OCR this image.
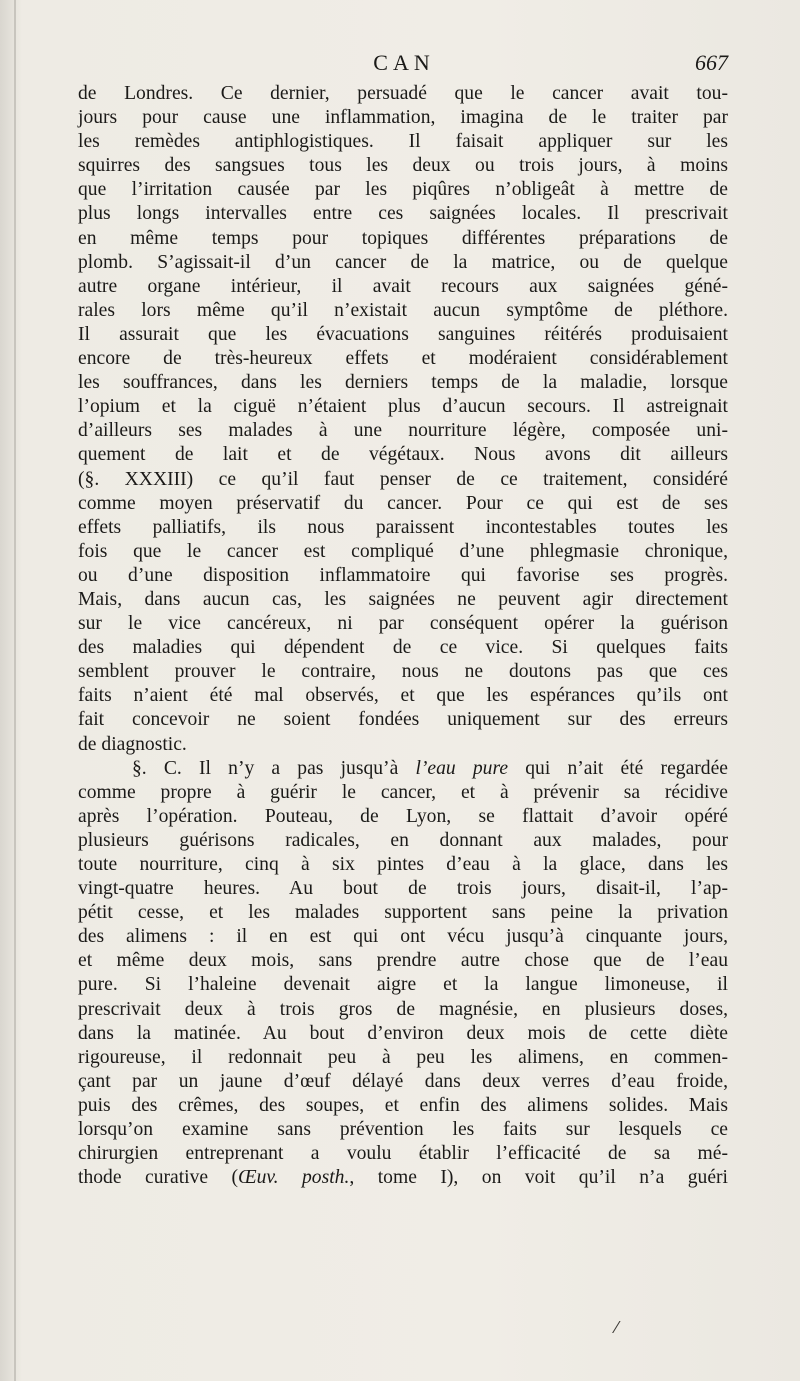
CAN	667
de Londres. Ce dernier, persuadé que le cancer avait tou-
jours pour cause une inflammation, imagina de le traiter par
les remèdes antiphlogistiques. Il faisait appliquer sur les
squirres des sangsues tous les deux ou trois jours, à moins
que l’irritation causée par les piqûres n’obligeât à mettre de
plus longs intervalles entre ces saignées locales. Il prescrivait
en même temps pour topiques différentes préparations de
plomb. S’agissait-il d’un cancer de la matrice, ou de quelque
autre organe intérieur, il avait recours aux saignées géné-
rales lors même qu’il n’existait aucun symptôme de pléthore.
Il assurait que les évacuations sanguines réitérés produisaient
encore de très-heureux effets et modéraient considérablement
les souffrances, dans les derniers temps de la maladie, lorsque
l’opium et la ciguë n’étaient plus d’aucun secours. Il astreignait
d’ailleurs ses malades à une nourriture légère, composée uni-
quement de lait et de végétaux. Nous avons dit ailleurs
(§. XXXIII) ce qu’il faut penser de ce traitement, considéré
comme moyen préservatif du cancer. Pour ce qui est de ses
effets palliatifs, ils nous paraissent incontestables toutes les
fois que le cancer est compliqué d’une phlegmasie chronique,
ou d’une disposition inflammatoire qui favorise ses progrès.
Mais, dans aucun cas, les saignées ne peuvent agir directement
sur le vice cancéreux, ni par conséquent opérer la guérison
des maladies qui dépendent de ce vice. Si quelques faits
semblent prouver le contraire, nous ne doutons pas que ces
faits n’aient été mal observés, et que les espérances qu’ils ont
fait concevoir ne soient fondées uniquement sur des erreurs
de diagnostic.
§. C. Il n’y a pas jusqu’à l’eau pure qui n’ait été regardée
comme propre à guérir le cancer, et à prévenir sa récidive
après l’opération. Pouteau, de Lyon, se flattait d’avoir opéré
plusieurs guérisons radicales, en donnant aux malades, pour
toute nourriture, cinq à six pintes d’eau à la glace, dans les
vingt-quatre heures. Au bout de trois jours, disait-il, l’ap-
pétit cesse, et les malades supportent sans peine la privation
des alimens : il en est qui ont vécu jusqu’à cinquante jours,
et même deux mois, sans prendre autre chose que de l’eau
pure. Si l’haleine devenait aigre et la langue limoneuse, il
prescrivait deux à trois gros de magnésie, en plusieurs doses,
dans la matinée. Au bout d’environ deux mois de cette diète
rigoureuse, il redonnait peu à peu les alimens, en commen-
çant par un jaune d’œuf délayé dans deux verres d’eau froide,
puis des crêmes, des soupes, et enfin des alimens solides. Mais
lorsqu’on examine sans prévention les faits sur lesquels ce
chirurgien entreprenant a voulu établir l’efficacité de sa mé-
thode curative (Œuv. posth., tome I), on voit qu’il n’a guéri
⁄
